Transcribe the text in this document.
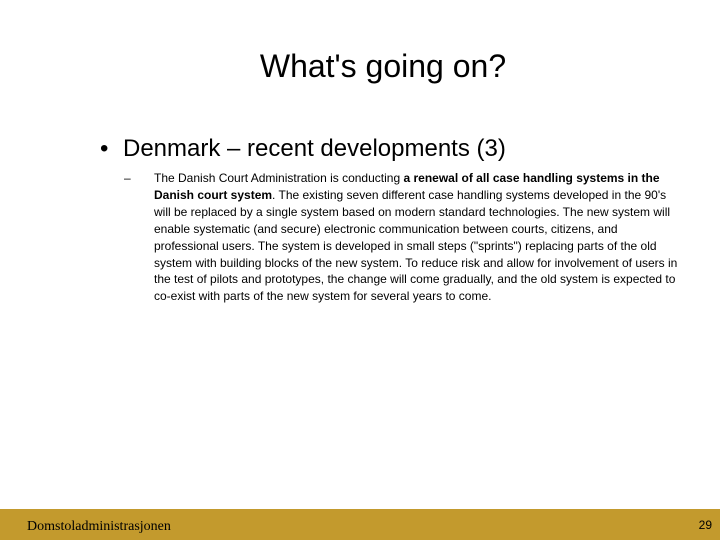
What's going on?
• Denmark – recent developments (3)
– The Danish Court Administration is conducting a renewal of all case handling systems in the Danish court system. The existing seven different case handling systems developed in the 90's will be replaced by a single system based on modern standard technologies. The new system will enable systematic (and secure) electronic communication between courts, citizens, and professional users. The system is developed in small steps ("sprints") replacing parts of the old system with building blocks of the new system. To reduce risk and allow for involvement of users in the test of pilots and prototypes, the change will come gradually, and the old system is expected to co-exist with parts of the new system for several years to come.
Domstoladministrasjonen	29
